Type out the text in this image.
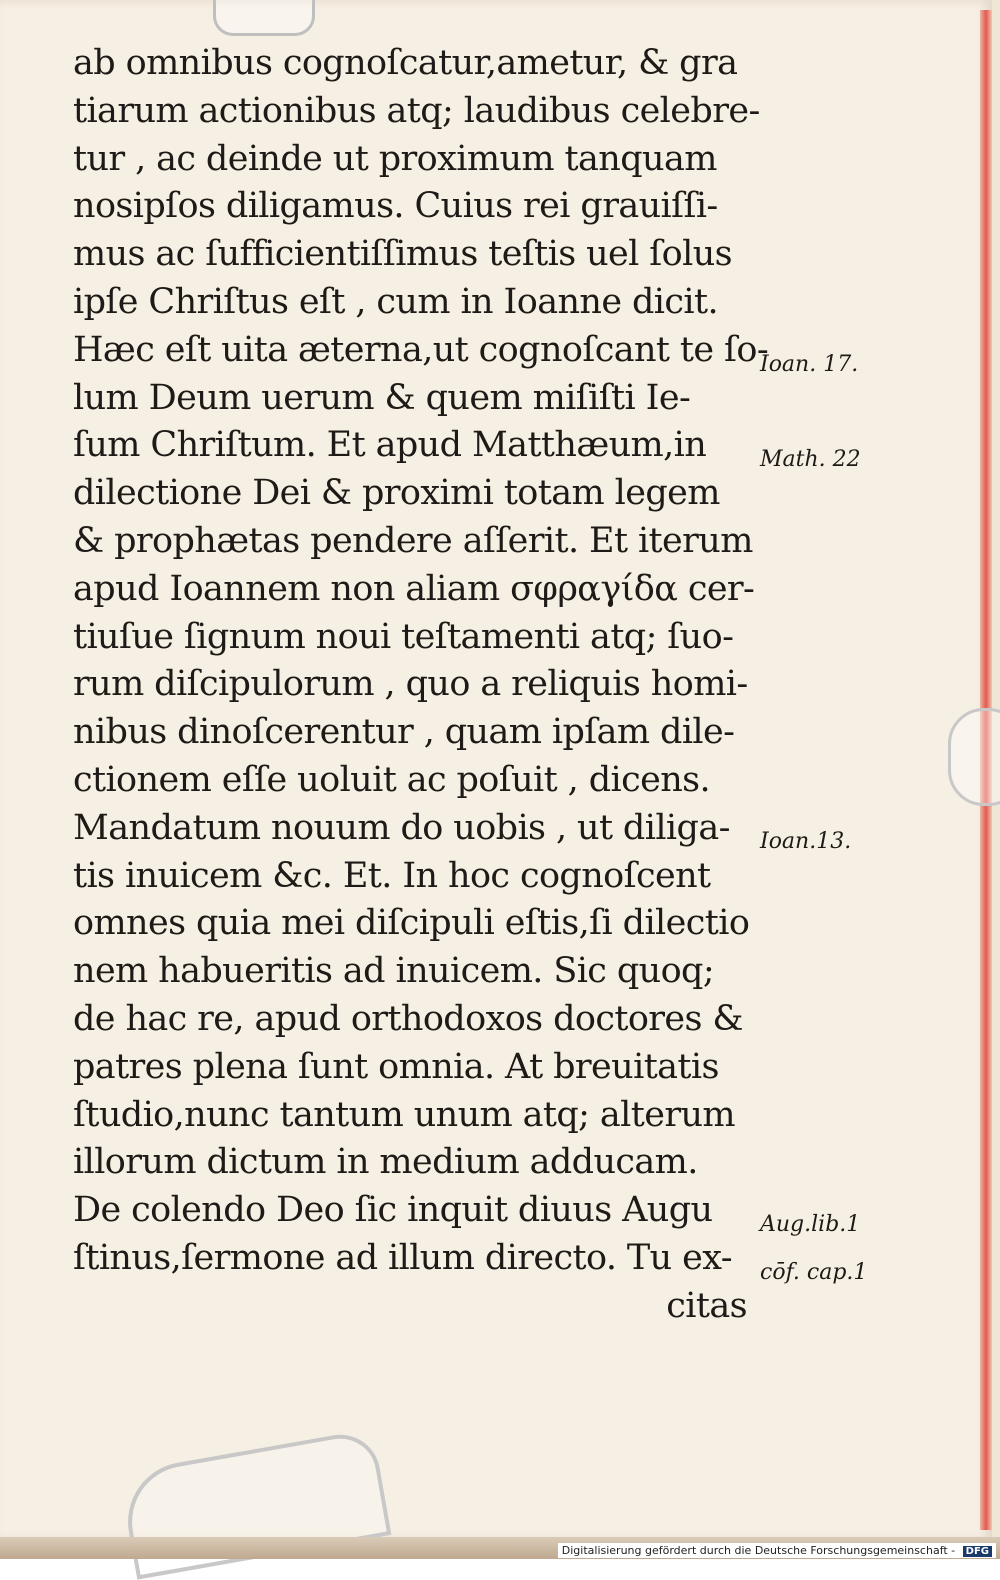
ab omnibus cognoſcatur,ametur, & gra
tiarum actionibus atq; laudibus celebre-
tur , ac deinde ut proximum tanquam
nosipſos diligamus. Cuius rei grauiſſi-
mus ac ſufficientiſſimus teſtis uel ſolus
ipſe Chriſtus eſt , cum in Ioanne dicit.
Hæc eſt uita æterna,ut cognoſcant te ſo-
lum Deum uerum & quem miſiſti Ie-
ſum Chriſtum. Et apud Matthæum,in
dilectione Dei & proximi totam legem
& prophætas pendere aſſerit. Et iterum
apud Ioannem non aliam σφραγίδα cer-
tiuſue ſignum noui teſtamenti atq; ſuo-
rum diſcipulorum , quo a reliquis homi-
nibus dinoſcerentur , quam ipſam dile-
ctionem eſſe uoluit ac poſuit , dicens.
Mandatum nouum do uobis , ut diliga-
tis inuicem &c. Et. In hoc cognoſcent
omnes quia mei diſcipuli eſtis,ſi dilectio
nem habueritis ad inuicem. Sic quoq;
de hac re, apud orthodoxos doctores &
patres plena ſunt omnia. At breuitatis
ſtudio,nunc tantum unum atq; alterum
illorum dictum in medium adducam.
De colendo Deo ſic inquit diuus Augu
ſtinus,ſermone ad illum directo. Tu ex-
citas
Ioan. 17.
Math. 22
Ioan.13.
Aug.lib.1
cōf. cap.1
Digitalisierung gefördert durch die Deutsche Forschungsgemeinschaft - DFG
